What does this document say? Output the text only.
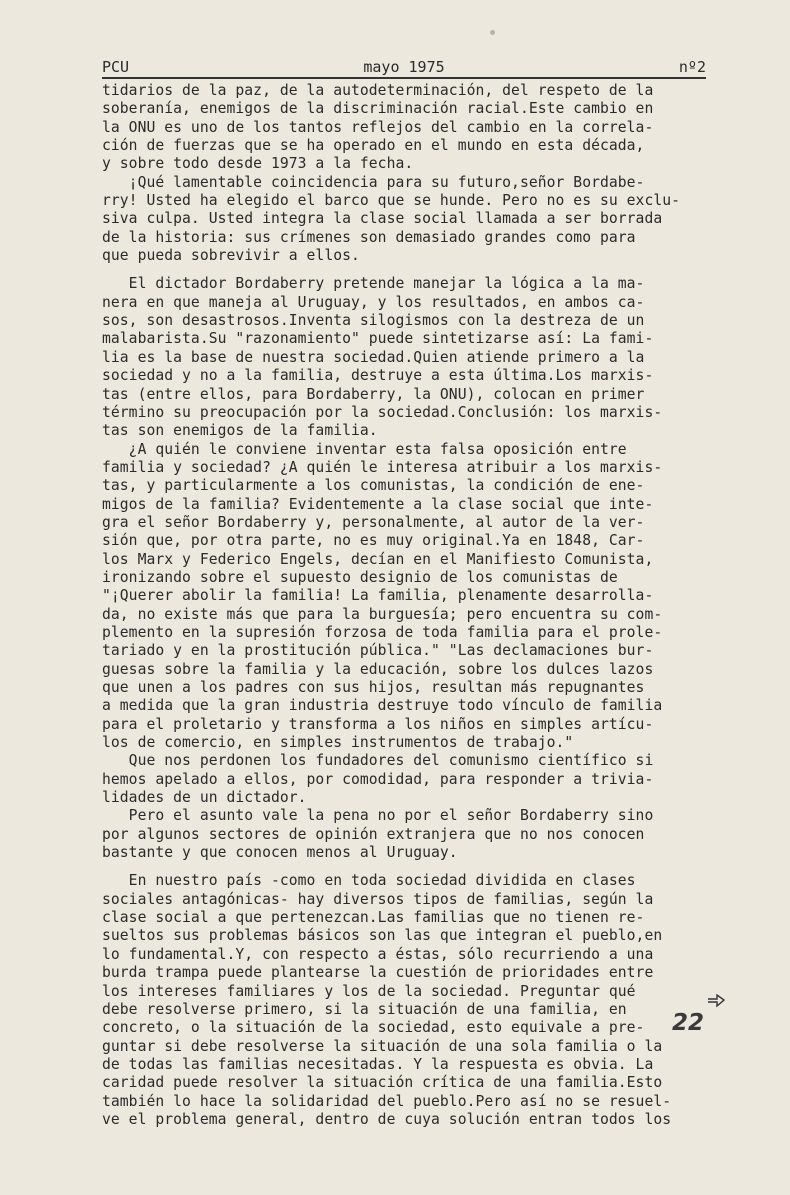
PCU	mayo 1975	nº2
tidarios de la paz, de la autodeterminación, del respeto de la
soberanía, enemigos de la discriminación racial.Este cambio en
la ONU es uno de los tantos reflejos del cambio en la correla-
ción de fuerzas que se ha operado en el mundo en esta década,
y sobre todo desde 1973 a la fecha.
¡Qué lamentable coincidencia para su futuro,señor Bordabe-
rry! Usted ha elegido el barco que se hunde. Pero no es su exclu-
siva culpa. Usted integra la clase social llamada a ser borrada
de la historia: sus crímenes son demasiado grandes como para
que pueda sobrevivir a ellos.
El dictador Bordaberry pretende manejar la lógica a la ma-
nera en que maneja al Uruguay, y los resultados, en ambos ca-
sos, son desastrosos.Inventa silogismos con la destreza de un
malabarista.Su "razonamiento" puede sintetizarse así: La fami-
lia es la base de nuestra sociedad.Quien atiende primero a la
sociedad y no a la familia, destruye a esta última.Los marxis-
tas (entre ellos, para Bordaberry, la ONU), colocan en primer
término su preocupación por la sociedad.Conclusión: los marxis-
tas son enemigos de la familia.
¿A quién le conviene inventar esta falsa oposición entre
familia y sociedad? ¿A quién le interesa atribuir a los marxis-
tas, y particularmente a los comunistas, la condición de ene-
migos de la familia? Evidentemente a la clase social que inte-
gra el señor Bordaberry y, personalmente, al autor de la ver-
sión que, por otra parte, no es muy original.Ya en 1848, Car-
los Marx y Federico Engels, decían en el Manifiesto Comunista,
ironizando sobre el supuesto designio de los comunistas de
"¡Querer abolir la familia! La familia, plenamente desarrolla-
da, no existe más que para la burguesía; pero encuentra su com-
plemento en la supresión forzosa de toda familia para el prole-
tariado y en la prostitución pública." "Las declamaciones bur-
guesas sobre la familia y la educación, sobre los dulces lazos
que unen a los padres con sus hijos, resultan más repugnantes
a medida que la gran industria destruye todo vínculo de familia
para el proletario y transforma a los niños en simples artícu-
los de comercio, en simples instrumentos de trabajo."
Que nos perdonen los fundadores del comunismo científico si
hemos apelado a ellos, por comodidad, para responder a trivia-
lidades de un dictador.
Pero el asunto vale la pena no por el señor Bordaberry sino
por algunos sectores de opinión extranjera que no nos conocen
bastante y que conocen menos al Uruguay.
En nuestro país -como en toda sociedad dividida en clases
sociales antagónicas- hay diversos tipos de familias, según la
clase social a que pertenezcan.Las familias que no tienen re-
sueltos sus problemas básicos son las que integran el pueblo,en
lo fundamental.Y, con respecto a éstas, sólo recurriendo a una
burda trampa puede plantearse la cuestión de prioridades entre
los intereses familiares y los de la sociedad. Preguntar qué
debe resolverse primero, si la situación de una familia, en
concreto, o la situación de la sociedad, esto equivale a pre-
guntar si debe resolverse la situación de una sola familia o la
de todas las familias necesitadas. Y la respuesta es obvia. La
caridad puede resolver la situación crítica de una familia.Esto
también lo hace la solidaridad del pueblo.Pero así no se resuel-
ve el problema general, dentro de cuya solución entran todos los
22
